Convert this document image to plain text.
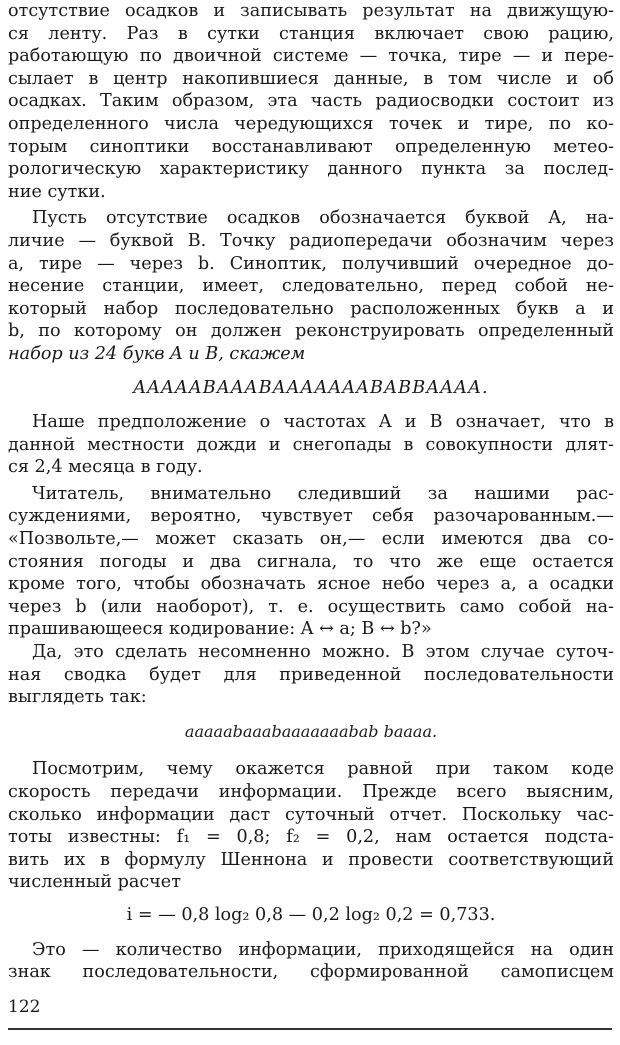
отсутствие осадков и записывать результат на движущую-
ся ленту. Раз в сутки станция включает свою рацию,
работающую по двоичной системе — точка, тире — и пере-
сылает в центр накопившиеся данные, в том числе и об
осадках. Таким образом, эта часть радиосводки состоит из
определенного числа чередующихся точек и тире, по ко-
торым синоптики восстанавливают определенную метео-
рологическую характеристику данного пункта за послед-
ние сутки.
Пусть отсутствие осадков обозначается буквой A, на-
личие — буквой B. Точку радиопередачи обозначим через
a, тире — через b. Синоптик, получивший очередное до-
несение станции, имеет, следовательно, перед собой не-
который набор последовательно расположенных букв a и
b, по которому он должен реконструировать определенный
набор из 24 букв A и B, скажем
AAAAABAAABAAAAAAABABBAAAA.
Наше предположение о частотах A и B означает, что в
данной местности дожди и снегопады в совокупности длят-
ся 2,4 месяца в году.
Читатель, внимательно следивший за нашими рас-
суждениями, вероятно, чувствует себя разочарованным.—
«Позвольте,— может сказать он,— если имеются два со-
стояния погоды и два сигнала, то что же еще остается
кроме того, чтобы обозначать ясное небо через a, а осадки
через b (или наоборот), т. е. осуществить само собой на-
прашивающееся кодирование: A ↔ a; B ↔ b?»
Да, это сделать несомненно можно. В этом случае суточ-
ная сводка будет для приведенной последовательности
выглядеть так:
aaaaabaaabaaaaaaabab baaaa.
Посмотрим, чему окажется равной при таком коде
скорость передачи информации. Прежде всего выясним,
сколько информации даст суточный отчет. Поскольку час-
тоты известны: f₁ = 0,8; f₂ = 0,2, нам остается подста-
вить их в формулу Шеннона и провести соответствующий
численный расчет
i = — 0,8 log₂ 0,8 — 0,2 log₂ 0,2 = 0,733.
Это — количество информации, приходящейся на один
знак последовательности, сформированной самописцем
122
